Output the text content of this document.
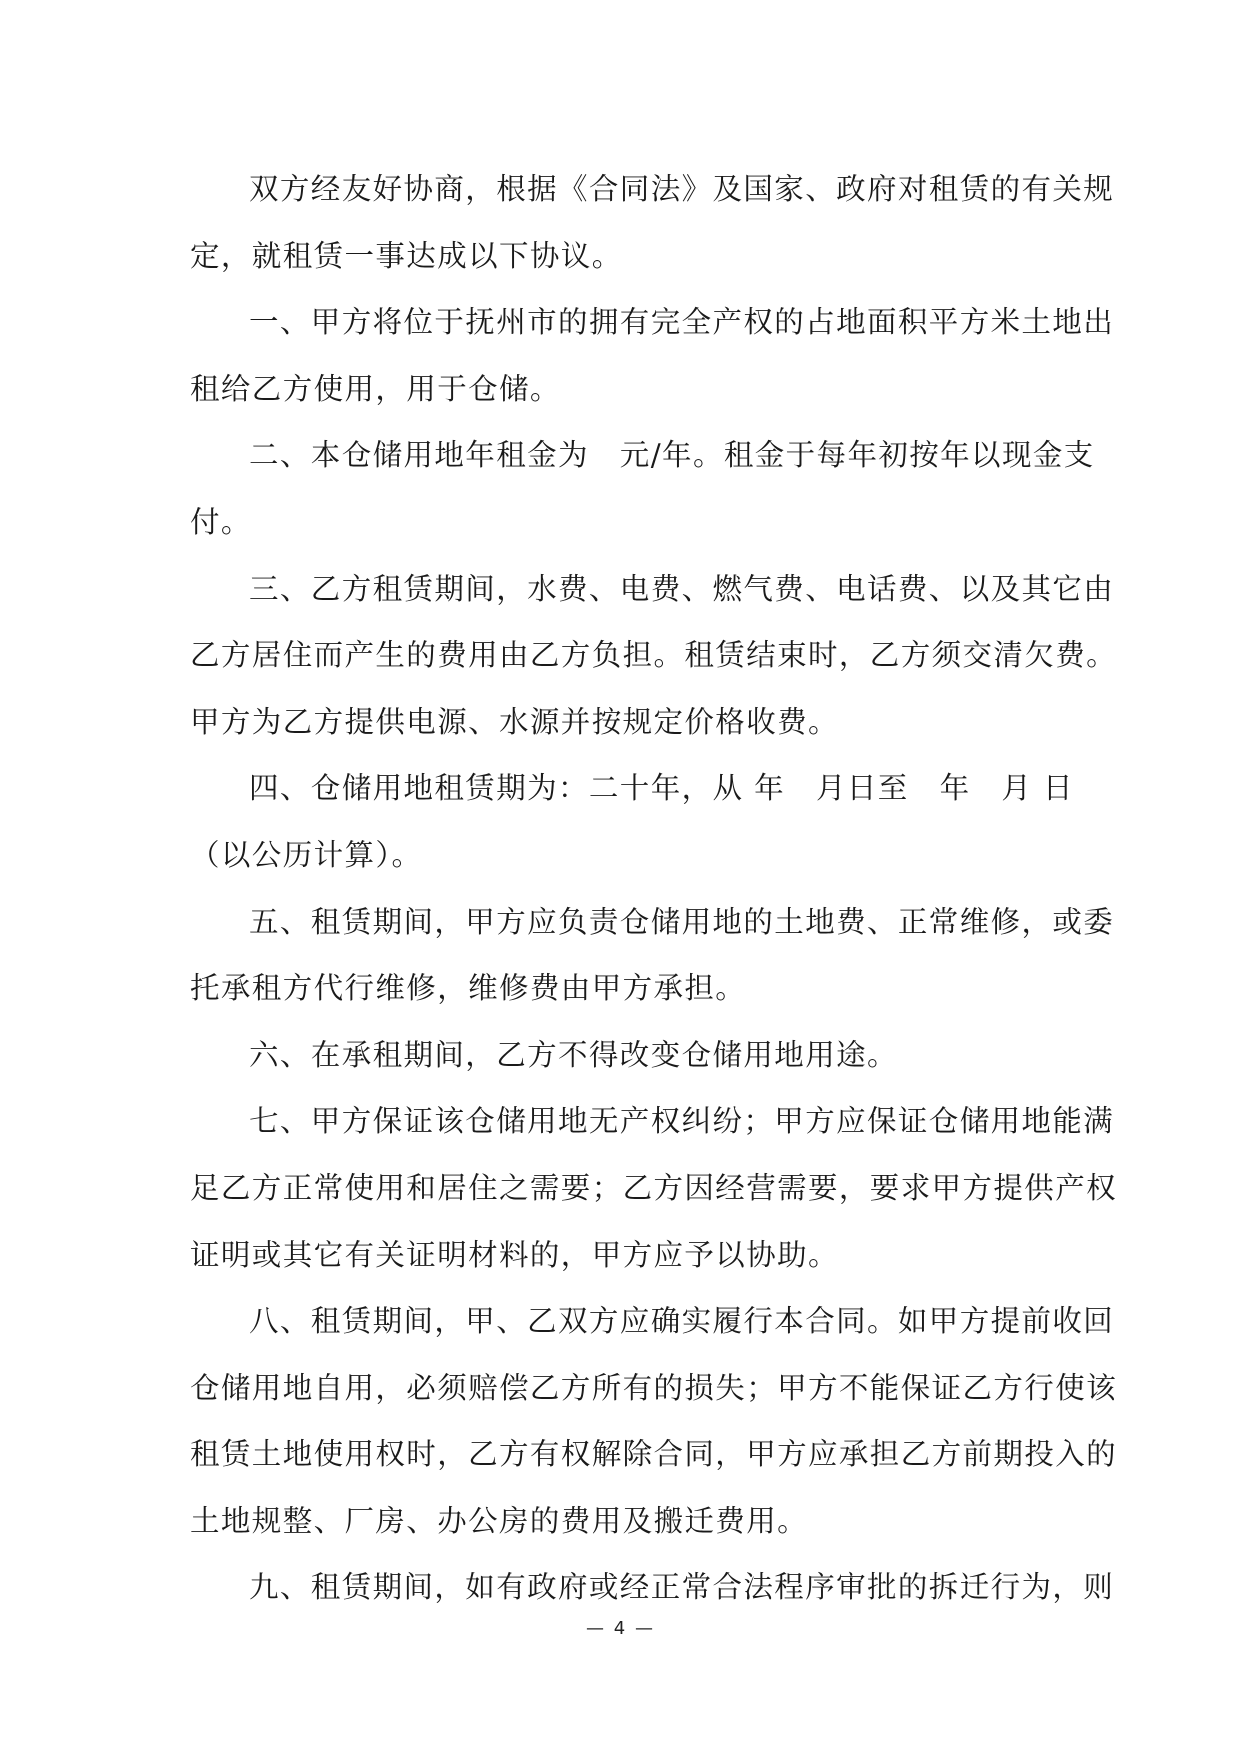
双方经友好协商，根据《合同法》及国家、政府对租赁的有关规
定，就租赁一事达成以下协议。

一、甲方将位于抚州市的拥有完全产权的占地面积平方米土地出
租给乙方使用，用于仓储。

二、本仓储用地年租金为　元/年。租金于每年初按年以现金支
付。

三、乙方租赁期间，水费、电费、燃气费、电话费、以及其它由
乙方居住而产生的费用由乙方负担。租赁结束时，乙方须交清欠费。
甲方为乙方提供电源、水源并按规定价格收费。

四、仓储用地租赁期为：二十年，从 年　月日至　年　月 日
（以公历计算）。

五、租赁期间，甲方应负责仓储用地的土地费、正常维修，或委
托承租方代行维修，维修费由甲方承担。

六、在承租期间，乙方不得改变仓储用地用途。

七、甲方保证该仓储用地无产权纠纷；甲方应保证仓储用地能满
足乙方正常使用和居住之需要；乙方因经营需要，要求甲方提供产权
证明或其它有关证明材料的，甲方应予以协助。

八、租赁期间，甲、乙双方应确实履行本合同。如甲方提前收回
仓储用地自用，必须赔偿乙方所有的损失；甲方不能保证乙方行使该
租赁土地使用权时，乙方有权解除合同，甲方应承担乙方前期投入的
土地规整、厂房、办公房的费用及搬迁费用。

九、租赁期间，如有政府或经正常合法程序审批的拆迁行为，则

— 4 —
